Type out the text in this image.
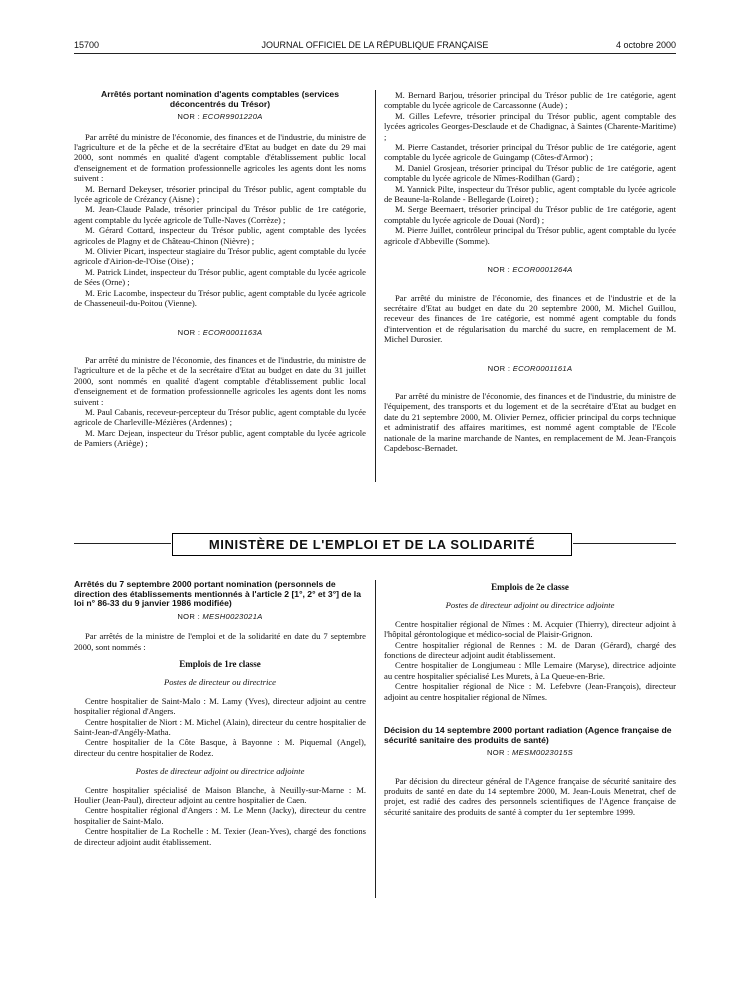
15700	JOURNAL OFFICIEL DE LA RÉPUBLIQUE FRANÇAISE	4 octobre 2000
Arrêtés portant nomination d'agents comptables (services déconcentrés du Trésor)
NOR : ECOR9901220A

Par arrêté du ministre de l'économie, des finances et de l'industrie, du ministre de l'agriculture et de la pêche et de la secrétaire d'Etat au budget en date du 29 mai 2000, sont nommés en qualité d'agent comptable d'établissement public local d'enseignement et de formation professionnelle agricoles les agents dont les noms suivent :

M. Bernard Dekeyser, trésorier principal du Trésor public, agent comptable du lycée agricole de Crézancy (Aisne) ;

M. Jean-Claude Palade, trésorier principal du Trésor public de 1re catégorie, agent comptable du lycée agricole de Tulle-Naves (Corrèze) ;

M. Gérard Cottard, inspecteur du Trésor public, agent comptable des lycées agricoles de Plagny et de Château-Chinon (Nièvre) ;

M. Olivier Picart, inspecteur stagiaire du Trésor public, agent comptable du lycée agricole d'Airion-de-l'Oise (Oise) ;

M. Patrick Lindet, inspecteur du Trésor public, agent comptable du lycée agricole de Sées (Orne) ;

M. Eric Lacombe, inspecteur du Trésor public, agent comptable du lycée agricole de Chasseneuil-du-Poitou (Vienne).

NOR : ECOR0001163A

Par arrêté du ministre de l'économie, des finances et de l'industrie, du ministre de l'agriculture et de la pêche et de la secrétaire d'Etat au budget en date du 31 juillet 2000, sont nommés en qualité d'agent comptable d'établissement public local d'enseignement et de formation professionnelle agricoles les agents dont les noms suivent :

M. Paul Cabanis, receveur-percepteur du Trésor public, agent comptable du lycée agricole de Charleville-Mézières (Ardennes) ;

M. Marc Dejean, inspecteur du Trésor public, agent comptable du lycée agricole de Pamiers (Ariège) ;

M. Bernard Barjou, trésorier principal du Trésor public de 1re catégorie, agent comptable du lycée agricole de Carcassonne (Aude) ;

M. Gilles Lefevre, trésorier principal du Trésor public, agent comptable des lycées agricoles Georges-Desclaude et de Chadignac, à Saintes (Charente-Maritime) ;

M. Pierre Castandet, trésorier principal du Trésor public de 1re catégorie, agent comptable du lycée agricole de Guingamp (Côtes-d'Armor) ;

M. Daniel Grosjean, trésorier principal du Trésor public de 1re catégorie, agent comptable du lycée agricole de Nîmes-Rodilhan (Gard) ;

M. Yannick Pilte, inspecteur du Trésor public, agent comptable du lycée agricole de Beaune-la-Rolande - Bellegarde (Loiret) ;

M. Serge Beernaert, trésorier principal du Trésor public de 1re catégorie, agent comptable du lycée agricole de Douai (Nord) ;

M. Pierre Juillet, contrôleur principal du Trésor public, agent comptable du lycée agricole d'Abbeville (Somme).

NOR : ECOR0001264A

Par arrêté du ministre de l'économie, des finances et de l'industrie et de la secrétaire d'Etat au budget en date du 20 septembre 2000, M. Michel Guillou, receveur des finances de 1re catégorie, est nommé agent comptable du fonds d'intervention et de régularisation du marché du sucre, en remplacement de M. Michel Durosier.

NOR : ECOR0001161A

Par arrêté du ministre de l'économie, des finances et de l'industrie, du ministre de l'équipement, des transports et du logement et de la secrétaire d'Etat au budget en date du 21 septembre 2000, M. Olivier Pernez, officier principal du corps technique et administratif des affaires maritimes, est nommé agent comptable de l'Ecole nationale de la marine marchande de Nantes, en remplacement de M. Jean-François Capdebosc-Bernadet.

MINISTÈRE DE L'EMPLOI ET DE LA SOLIDARITÉ
Arrêtés du 7 septembre 2000 portant nomination (personnels de direction des établissements mentionnés à l'article 2 [1°, 2° et 3°] de la loi n° 86-33 du 9 janvier 1986 modifiée)
NOR : MESH0023021A

Par arrêtés de la ministre de l'emploi et de la solidarité en date du 7 septembre 2000, sont nommés :

Emplois de 1re classe
Postes de directeur ou directrice

Centre hospitalier de Saint-Malo : M. Lamy (Yves), directeur adjoint au centre hospitalier régional d'Angers.

Centre hospitalier de Niort : M. Michel (Alain), directeur du centre hospitalier de Saint-Jean-d'Angély-Matha.

Centre hospitalier de la Côte Basque, à Bayonne : M. Piquemal (Angel), directeur du centre hospitalier de Rodez.

Postes de directeur adjoint ou directrice adjointe

Centre hospitalier spécialisé de Maison Blanche, à Neuilly-sur-Marne : M. Houlier (Jean-Paul), directeur adjoint au centre hospitalier de Caen.

Centre hospitalier régional d'Angers : M. Le Menn (Jacky), directeur du centre hospitalier de Saint-Malo.

Centre hospitalier de La Rochelle : M. Texier (Jean-Yves), chargé des fonctions de directeur adjoint audit établissement.

Emplois de 2e classe
Postes de directeur adjoint ou directrice adjointe

Centre hospitalier régional de Nîmes : M. Acquier (Thierry), directeur adjoint à l'hôpital gérontologique et médico-social de Plaisir-Grignon.

Centre hospitalier régional de Rennes : M. de Daran (Gérard), chargé des fonctions de directeur adjoint audit établissement.

Centre hospitalier de Longjumeau : Mlle Lemaire (Maryse), directrice adjointe au centre hospitalier spécialisé Les Murets, à La Queue-en-Brie.

Centre hospitalier régional de Nice : M. Lefebvre (Jean-François), directeur adjoint au centre hospitalier régional de Nîmes.

Décision du 14 septembre 2000 portant radiation (Agence française de sécurité sanitaire des produits de santé)
NOR : MESM0023015S

Par décision du directeur général de l'Agence française de sécurité sanitaire des produits de santé en date du 14 septembre 2000, M. Jean-Louis Menetrat, chef de projet, est radié des cadres des personnels scientifiques de l'Agence française de sécurité sanitaire des produits de santé à compter du 1er septembre 1999.
